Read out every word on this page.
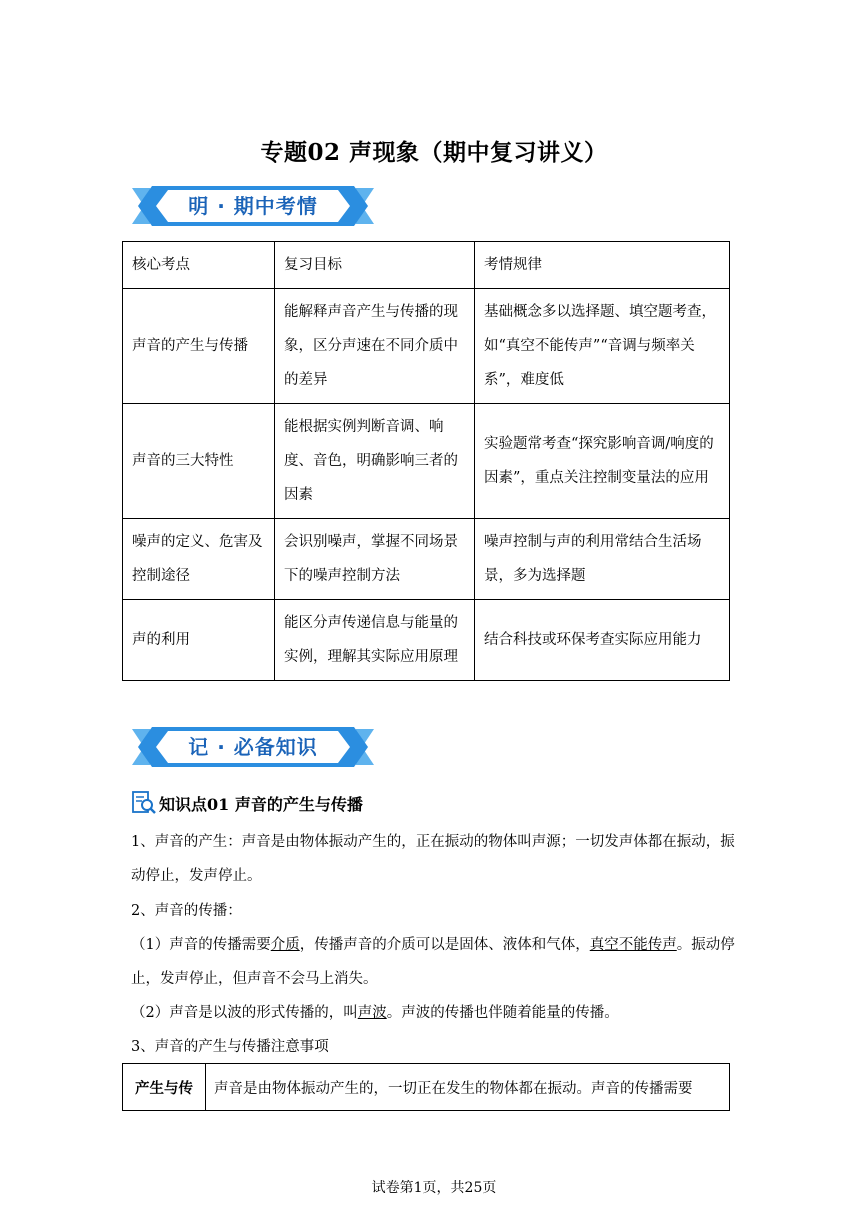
专题02 声现象（期中复习讲义）
明 · 期中考情
核心考点	复习目标	考情规律
声音的产生与传播	能解释声音产生与传播的现象，区分声速在不同介质中的差异	基础概念多以选择题、填空题考查，如“真空不能传声”“音调与频率关系”，难度低
声音的三大特性	能根据实例判断音调、响度、音色，明确影响三者的因素	实验题常考查“探究影响音调/响度的因素”，重点关注控制变量法的应用
噪声的定义、危害及控制途径	会识别噪声，掌握不同场景下的噪声控制方法	噪声控制与声的利用常结合生活场景，多为选择题
声的利用	能区分声传递信息与能量的实例，理解其实际应用原理	结合科技或环保考查实际应用能力
记 · 必备知识
知识点01 声音的产生与传播
1、声音的产生：声音是由物体振动产生的，正在振动的物体叫声源；一切发声体都在振动，振动停止，发声停止。
2、声音的传播：
（1）声音的传播需要介质，传播声音的介质可以是固体、液体和气体，真空不能传声。振动停止，发声停止，但声音不会马上消失。
（2）声音是以波的形式传播的，叫声波。声波的传播也伴随着能量的传播。
3、声音的产生与传播注意事项
产生与传	声音是由物体振动产生的，一切正在发生的物体都在振动。声音的传播需要
试卷第1页，共25页
